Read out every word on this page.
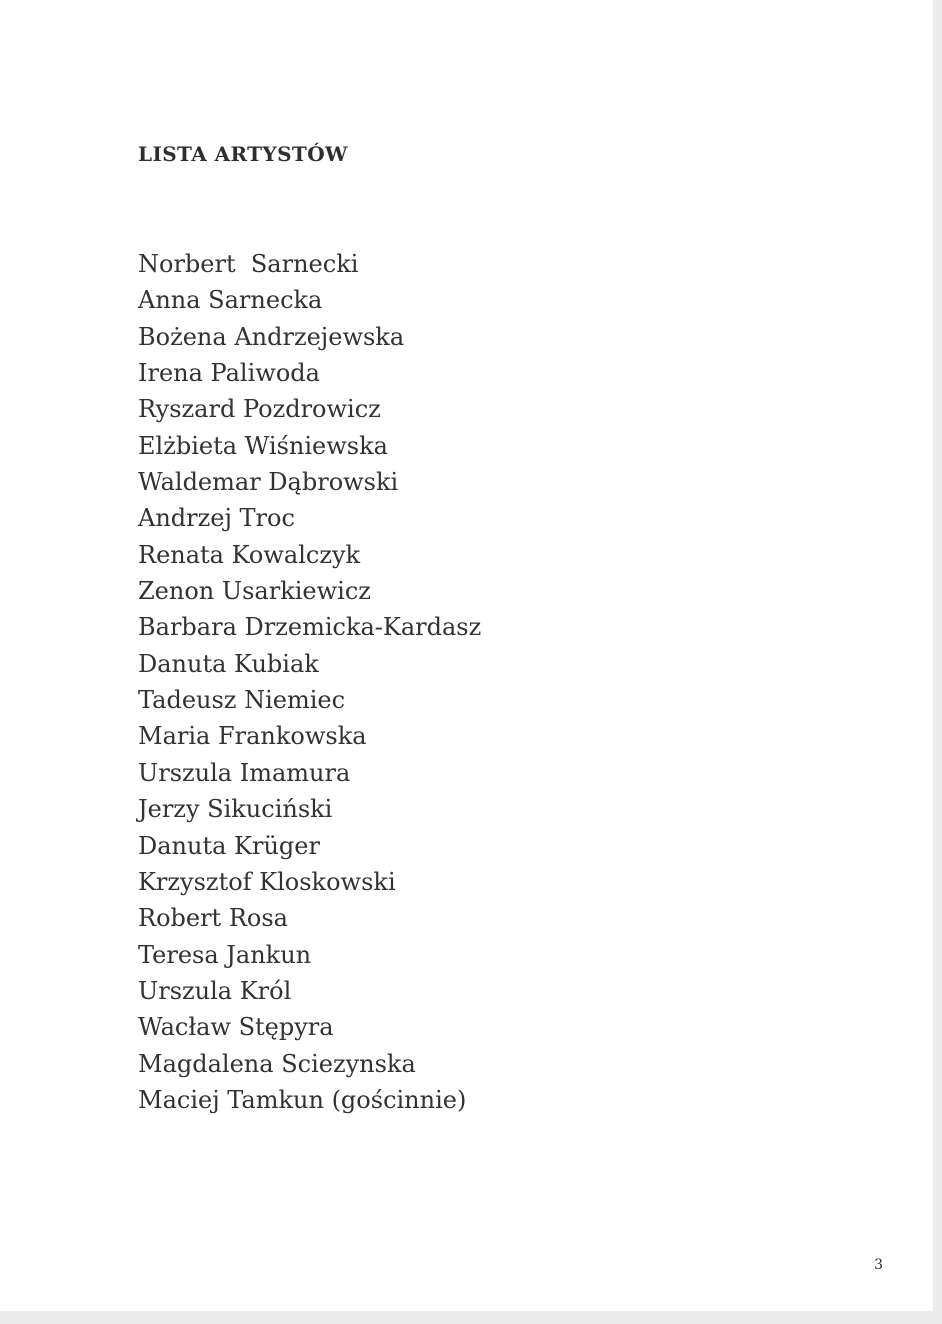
LISTA ARTYSTÓW
Norbert  Sarnecki
Anna Sarnecka
Bożena Andrzejewska
Irena Paliwoda
Ryszard Pozdrowicz
Elżbieta Wiśniewska
Waldemar Dąbrowski
Andrzej Troc
Renata Kowalczyk
Zenon Usarkiewicz
Barbara Drzemicka-Kardasz
Danuta Kubiak
Tadeusz Niemiec
Maria Frankowska
Urszula Imamura
Jerzy Sikuciński
Danuta Krüger
Krzysztof Kloskowski
Robert Rosa
Teresa Jankun
Urszula Król
Wacław Stępyra
Magdalena Sciezynska
Maciej Tamkun (gościnnie)
3
